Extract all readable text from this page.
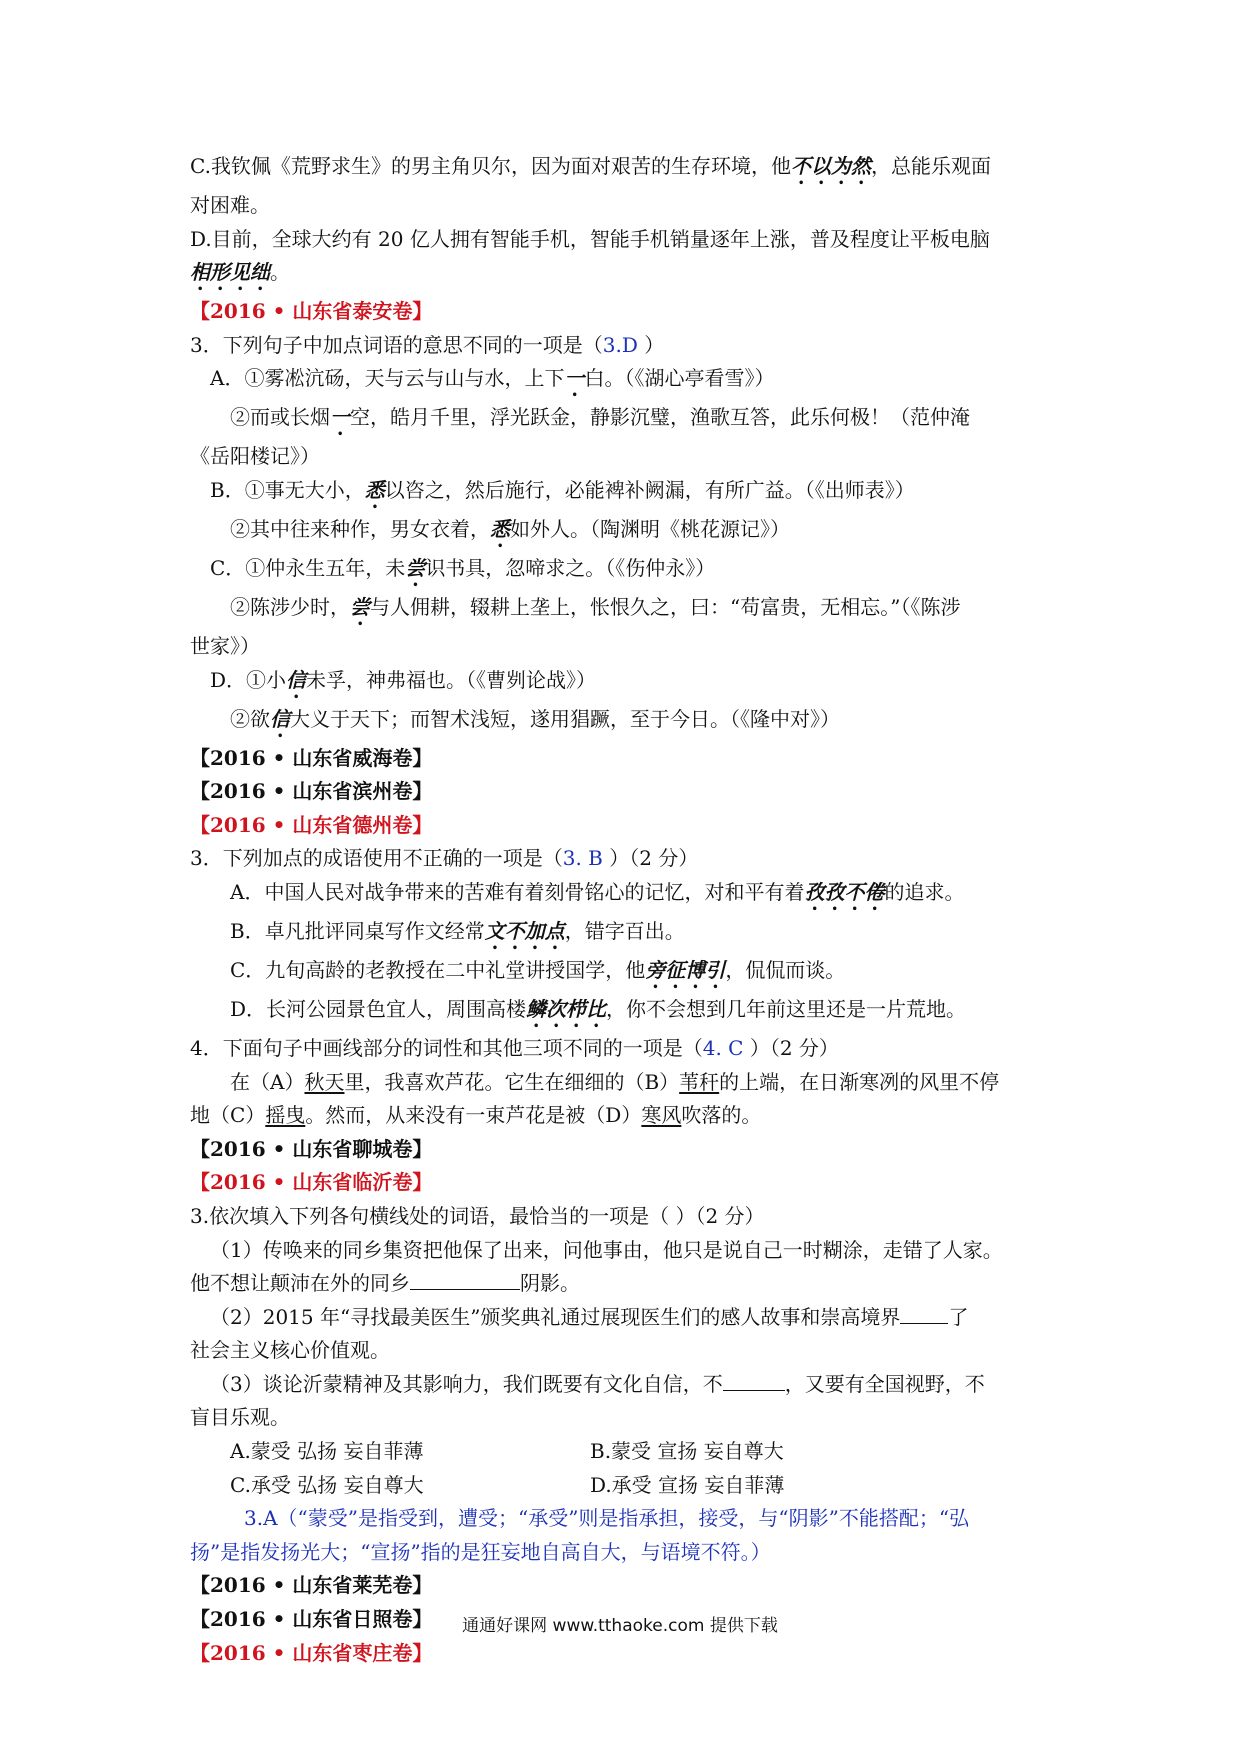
C.我钦佩《荒野求生》的男主角贝尔，因为面对艰苦的生存环境，他不以为然，总能乐观面
对困难。
D.目前，全球大约有 20 亿人拥有智能手机，智能手机销量逐年上涨，普及程度让平板电脑
相形见绌。
【2016 • 山东省泰安卷】
3．下列句子中加点词语的意思不同的一项是（3.D ）
A．①雾凇沆砀，天与云与山与水，上下一白。（《湖心亭看雪》）
②而或长烟一空，皓月千里，浮光跃金，静影沉璧，渔歌互答，此乐何极！（范仲淹
《岳阳楼记》）
B．①事无大小，悉以咨之，然后施行，必能裨补阙漏，有所广益。（《出师表》）
②其中往来种作，男女衣着，悉如外人。（陶渊明《桃花源记》）
C．①仲永生五年，未尝识书具，忽啼求之。（《伤仲永》）
②陈涉少时，尝与人佣耕，辍耕上垄上，怅恨久之，曰：“苟富贵，无相忘。”（《陈涉
世家》）
D．①小信未孚，神弗福也。（《曹刿论战》）
②欲信大义于天下；而智术浅短，遂用猖蹶，至于今日。（《隆中对》）
【2016 • 山东省威海卷】
【2016 • 山东省滨州卷】
【2016 • 山东省德州卷】
3．下列加点的成语使用不正确的一项是（3. B ）（2 分）
A．中国人民对战争带来的苦难有着刻骨铭心的记忆，对和平有着孜孜不倦的追求。
B．卓凡批评同桌写作文经常文不加点，错字百出。
C．九旬高龄的老教授在二中礼堂讲授国学，他旁征博引，侃侃而谈。
D．长河公园景色宜人，周围高楼鳞次栉比，你不会想到几年前这里还是一片荒地。
4．下面句子中画线部分的词性和其他三项不同的一项是（4. C ）（2 分）
在（A）秋天里，我喜欢芦花。它生在细细的（B）苇秆的上端，在日渐寒冽的风里不停
地（C）摇曳。然而，从来没有一束芦花是被（D）寒风吹落的。
【2016 • 山东省聊城卷】
【2016 • 山东省临沂卷】
3.依次填入下列各句横线处的词语，最恰当的一项是（ ）（2 分）
（1）传唤来的同乡集资把他保了出来，问他事由，他只是说自己一时糊涂，走错了人家。
他不想让颠沛在外的同乡	阴影。
（2）2015 年“寻找最美医生”颁奖典礼通过展现医生们的感人故事和崇高境界 了
社会主义核心价值观。
（3）谈论沂蒙精神及其影响力，我们既要有文化自信，不	，又要有全国视野，不
盲目乐观。
A.蒙受 弘扬 妄自菲薄	B.蒙受 宣扬 妄自尊大
C.承受 弘扬 妄自尊大	D.承受 宣扬 妄自菲薄
3.A（“蒙受”是指受到，遭受；“承受”则是指承担，接受，与“阴影”不能搭配；“弘
扬”是指发扬光大；“宣扬”指的是狂妄地自高自大，与语境不符。）
【2016 • 山东省莱芜卷】
【2016 • 山东省日照卷】
【2016 • 山东省枣庄卷】
通通好课网 www.tthaoke.com 提供下载
